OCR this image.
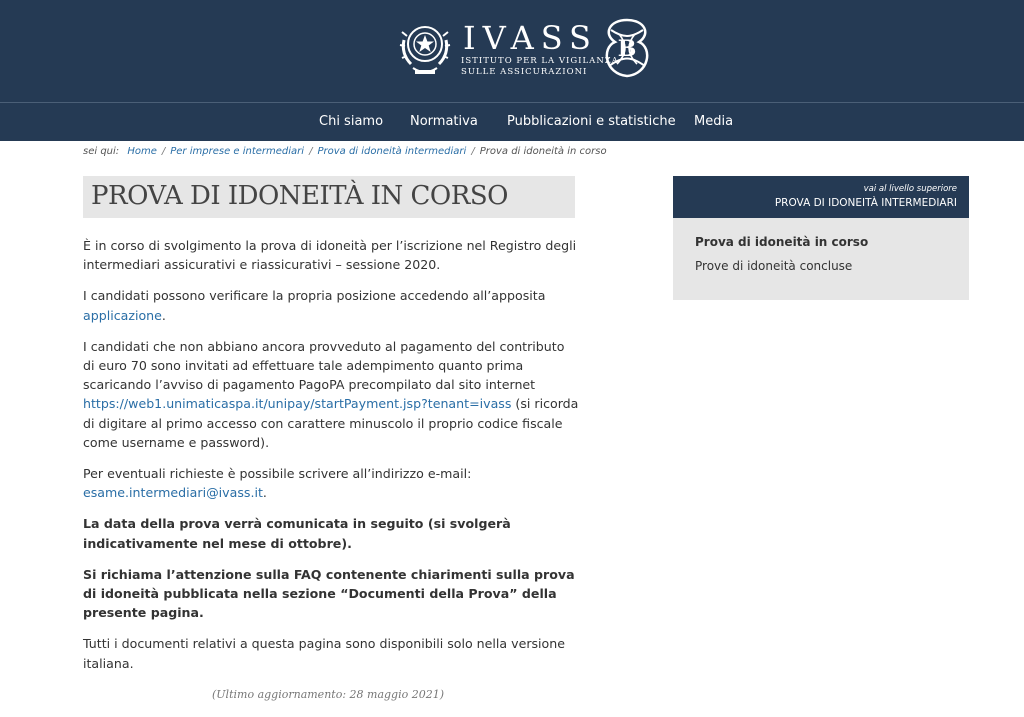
IVASS
ISTITUTO PER LA VIGILANZA
SULLE ASSICURAZIONI
B
Chi siamo Normativa Pubblicazioni e statistiche Media
sei qui: Home / Per imprese e intermediari / Prova di idoneità intermediari / Prova di idoneità in corso
PROVA DI IDONEITÀ IN CORSO

È in corso di svolgimento la prova di idoneità per l’iscrizione nel Registro degli intermediari assicurativi e riassicurativi – sessione 2020.

I candidati possono verificare la propria posizione accedendo all’apposita applicazione.

I candidati che non abbiano ancora provveduto al pagamento del contributo di euro 70 sono invitati ad effettuare tale adempimento quanto prima scaricando l’avviso di pagamento PagoPA precompilato dal sito internet https://web1.unimaticaspa.it/unipay/startPayment.jsp?tenant=ivass (si ricorda di digitare al primo accesso con carattere minuscolo il proprio codice fiscale come username e password).

Per eventuali richieste è possibile scrivere all’indirizzo e-mail: esame.intermediari@ivass.it.

La data della prova verrà comunicata in seguito (si svolgerà indicativamente nel mese di ottobre).

Si richiama l’attenzione sulla FAQ contenente chiarimenti sulla prova di idoneità pubblicata nella sezione “Documenti della Prova” della presente pagina.

Tutti i documenti relativi a questa pagina sono disponibili solo nella versione italiana.

(Ultimo aggiornamento: 28 maggio 2021)
vai al livello superiore
PROVA DI IDONEITÀ INTERMEDIARI
Prova di idoneità in corso
Prove di idoneità concluse
